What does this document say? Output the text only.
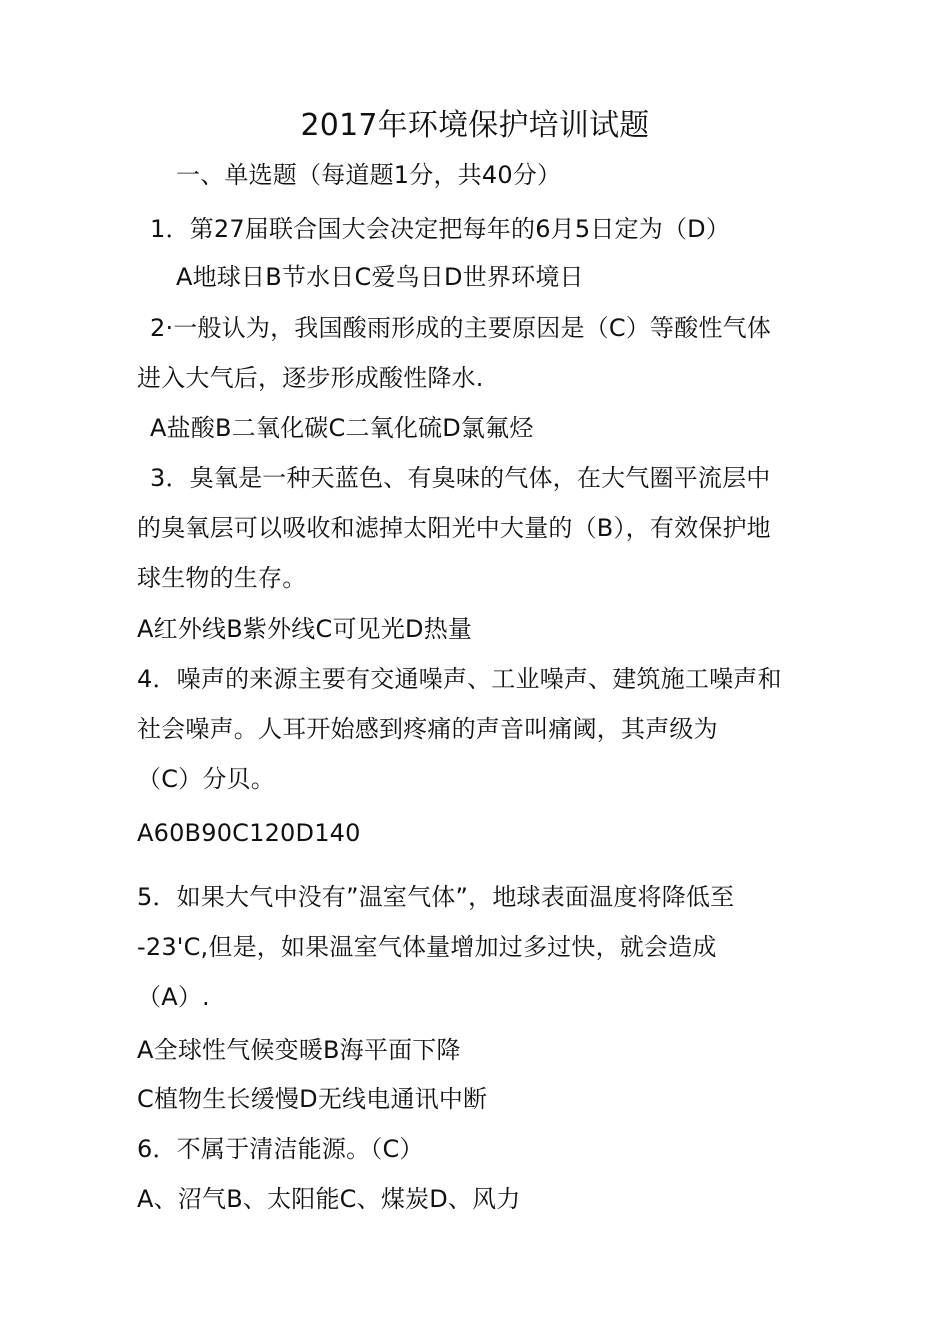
2017年环境保护培训试题
一、单选题（每道题1分，共40分）
1．第27届联合国大会决定把每年的6月5日定为（D）
A地球日B节水日C爱鸟日D世界环境日
2·一般认为，我国酸雨形成的主要原因是（C）等酸性气体
进入大气后，逐步形成酸性降水.
A盐酸B二氧化碳C二氧化硫D氯氟烃
3．臭氧是一种天蓝色、有臭味的气体，在大气圈平流层中
的臭氧层可以吸收和滤掉太阳光中大量的（B），有效保护地
球生物的生存。
A红外线B紫外线C可见光D热量
4．噪声的来源主要有交通噪声、工业噪声、建筑施工噪声和
社会噪声。人耳开始感到疼痛的声音叫痛阈，其声级为
（C）分贝。
A60B90C120D140
5．如果大气中没有”温室气体”，地球表面温度将降低至
-23'C,但是，如果温室气体量增加过多过快，就会造成
（A）.
A全球性气候变暖B海平面下降
C植物生长缓慢D无线电通讯中断
6．不属于清洁能源。（C）
A、沼气B、太阳能C、煤炭D、风力
